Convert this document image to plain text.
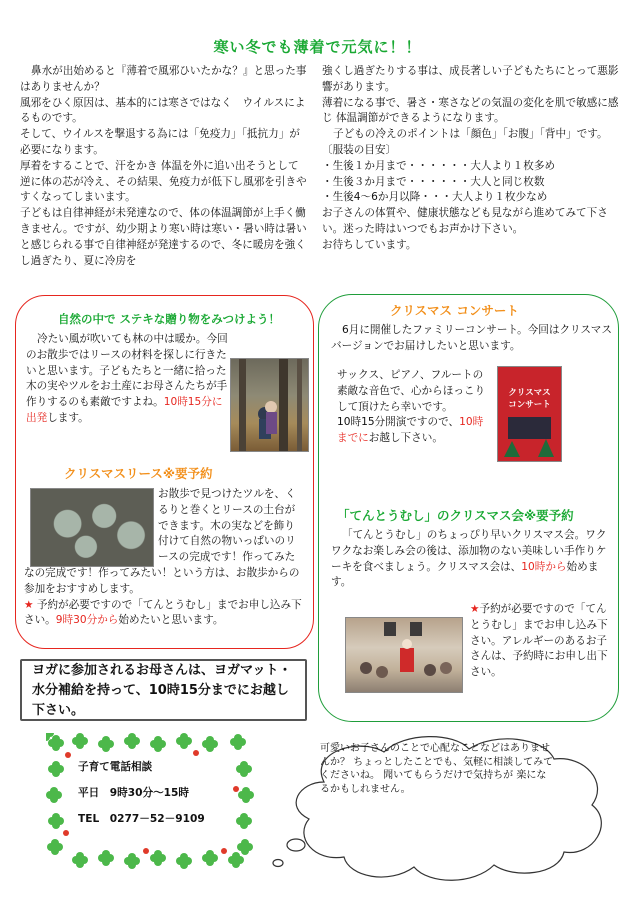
寒い冬でも薄着で元気に！！

鼻水が出始めると『薄着で風邪ひいたかな？』と思った事はありませんか？

風邪をひく原因は、基本的には寒さではなく　ウイルスによるものです。

そして、ウイルスを撃退する為には「免疫力」「抵抗力」が必要になります。

厚着をすることで、汗をかき 体温を外に追い出そうとして逆に体の芯が冷え、その結果、免疫力が低下し風邪を引きやすくなってしまいます。

子どもは自律神経が未発達なので、体の体温調節が上手く働きません。ですが、幼少期より寒い時は寒い・暑い時は暑いと感じられる事で自律神経が発達するので、冬に暖房を強くし過ぎたり、夏に冷房を

強くし過ぎたりする事は、成長著しい子どもたちにとって悪影響があります。

薄着になる事で、暑さ・寒さなどの気温の変化を肌で敏感に感じ 体温調節ができるようになります。

子どもの冷えのポイントは「顔色」「お腹」「背中」です。

〔服装の目安〕

・生後１か月まで・・・・・・大人より１枚多め

・生後３か月まで・・・・・・大人と同じ枚数

・生後4～6か月以降・・・大人より１枚少なめ

お子さんの体質や、健康状態なども見ながら進めてみて下さい。迷った時はいつでもお声かけ下さい。

お待ちしています。

自然の中で ステキな贈り物をみつけよう！

冷たい風が吹いても林の中は暖か。今回のお散歩ではリースの材料を探しに行きたいと思います。子どもたちと一緒に拾った木の実やツルをお土産にお母さんたちが手作りするのも素敵ですよね。10時15分に出発します。

クリスマスリース※要予約

お散歩で見つけたツルを、くるりと巻くとリースの土台ができます。木の実などを飾り付けて自然の物いっぱいのリースの完成です！作ってみた

なの完成です！作ってみたい！という方は、お散歩からの参加をおすすめします。

★ 予約が必要ですので「てんとうむし」までお申し込み下さい。9時30分から始めたいと思います。

クリスマス コンサート

6月に開催したファミリーコンサート。今回はクリスマスバージョンでお届けしたいと思います。

サックス、ピアノ、フルートの素敵な音色で、心からほっこりして頂けたら幸いです。

10時15分開演ですので、10時までにお越し下さい。

クリスマス
コンサート
「てんとうむし」のクリスマス会※要予約

「てんとうむし」のちょっぴり早いクリスマス会。ワクワクなお楽しみ会の後は、添加物のない美味しい手作りケーキを食べましょう。クリスマス会は、10時から始めます。

★予約が必要ですので「てんとうむし」までお申し込み下さい。アレルギーのあるお子さんは、予約時にお申し出下さい。

ヨガに参加されるお母さんは、ヨガマット・水分補給を持って、10時15分までにお越し下さい。

子育て電話相談

平日　9時30分～15時

TEL　0277－52－9109

可愛いお子さんのことで心配なことなどはありませんか？ ちょっとしたことでも、気軽に相談してみてくださいね。 聞いてもらうだけで気持ちが 楽になるかもしれません。
